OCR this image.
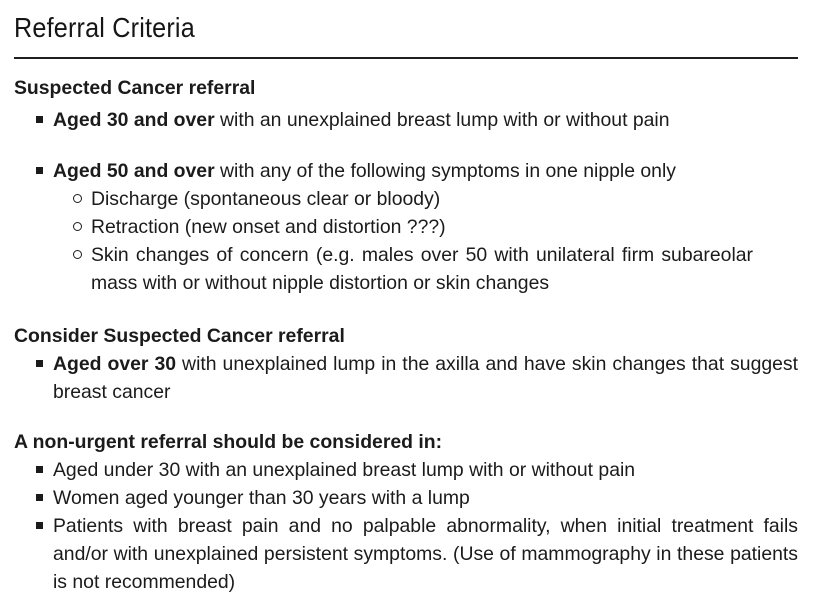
Referral Criteria
Suspected Cancer referral
Aged 30 and over with an unexplained breast lump with or without pain
Aged 50 and over with any of the following symptoms in one nipple only
Discharge (spontaneous clear or bloody)
Retraction (new onset and distortion ???)
Skin changes of concern (e.g. males over 50 with unilateral firm subareolar mass with or without nipple distortion or skin changes
Consider Suspected Cancer referral
Aged over 30 with unexplained lump in the axilla and have skin changes that suggest breast cancer
A non-urgent referral should be considered in:
Aged under 30 with an unexplained breast lump with or without pain
Women aged younger than 30 years with a lump
Patients with breast pain and no palpable abnormality, when initial treatment fails and/or with unexplained persistent symptoms. (Use of mammography in these patients is not recommended)
